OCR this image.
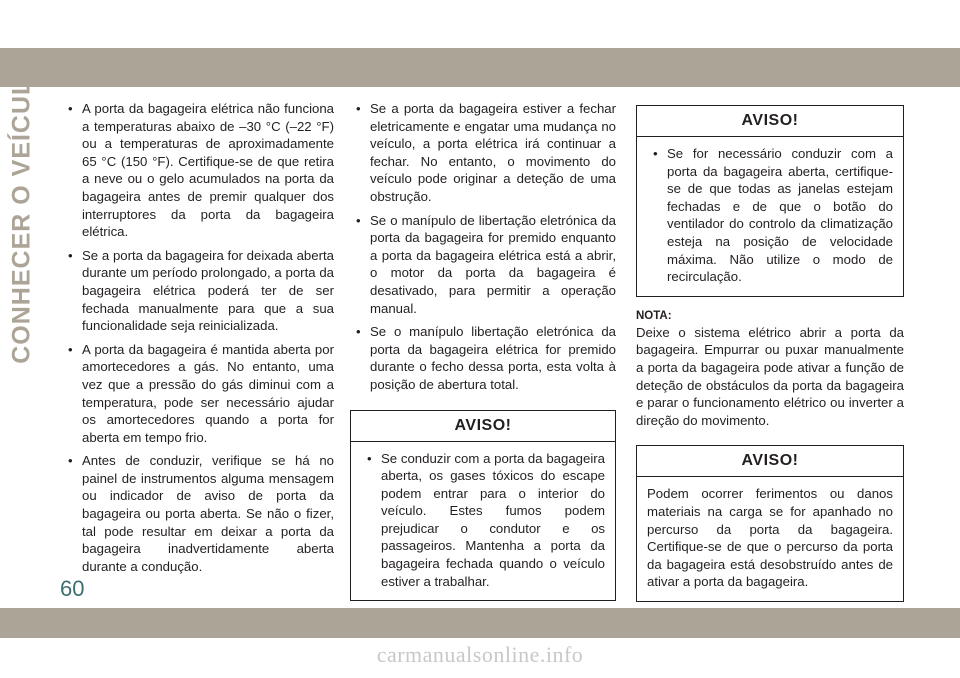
CONHECER O VEÍCULO

•	A porta da bagageira elétrica não funciona a temperaturas abaixo de –30 °C (–22 °F) ou a temperaturas de aproximadamente 65 °C (150 °F). Certifique-se de que retira a neve ou o gelo acumulados na porta da bagageira antes de premir qualquer dos interruptores da porta da bagageira elétrica.

• Se a porta da bagageira for deixada aberta durante um período prolongado, a porta da bagageira elétrica poderá ter de ser fechada manualmente para que a sua funcionalidade seja reinicializada.

• A porta da bagageira é mantida aberta por amortecedores a gás. No entanto, uma vez que a pressão do gás diminui com a temperatura, pode ser necessário ajudar os amortecedores quando a porta for aberta em tempo frio.

• Antes de conduzir, verifique se há no painel de instrumentos alguma mensagem ou indicador de aviso de porta da bagageira ou porta aberta. Se não o fizer, tal pode resultar em deixar a porta da bagageira inadvertidamente aberta durante a condução.

• Se a porta da bagageira estiver a fechar eletricamente e engatar uma mudança no veículo, a porta elétrica irá continuar a fechar. No entanto, o movimento do veículo pode originar a deteção de uma obstrução.

• Se o manípulo de libertação eletrónica da porta da bagageira for premido enquanto a porta da bagageira elétrica está a abrir, o motor da porta da bagageira é desativado, para permitir a operação manual.

• Se o manípulo libertação eletrónica da porta da bagageira elétrica for premido durante o fecho dessa porta, esta volta à posição de abertura total.

AVISO!

• Se conduzir com a porta da bagageira aberta, os gases tóxicos do escape podem entrar para o interior do veículo. Estes fumos podem prejudicar o condutor e os passageiros. Mantenha a porta da bagageira fechada quando o veículo estiver a trabalhar.

AVISO!

• Se for necessário conduzir com a porta da bagageira aberta, certifique-se de que todas as janelas estejam fechadas e de que o botão do ventilador do controlo da climatização esteja na posição de velocidade máxima. Não utilize o modo de recirculação.

NOTA:

Deixe o sistema elétrico abrir a porta da bagageira. Empurrar ou puxar manualmente a porta da bagageira pode ativar a função de deteção de obstáculos da porta da bagageira e parar o funcionamento elétrico ou inverter a direção do movimento.

AVISO!

Podem ocorrer ferimentos ou danos materiais na carga se for apanhado no percurso da porta da bagageira. Certifique-se de que o percurso da porta da bagageira está desobstruído antes de ativar a porta da bagageira.

60
carmanualsonline.info
